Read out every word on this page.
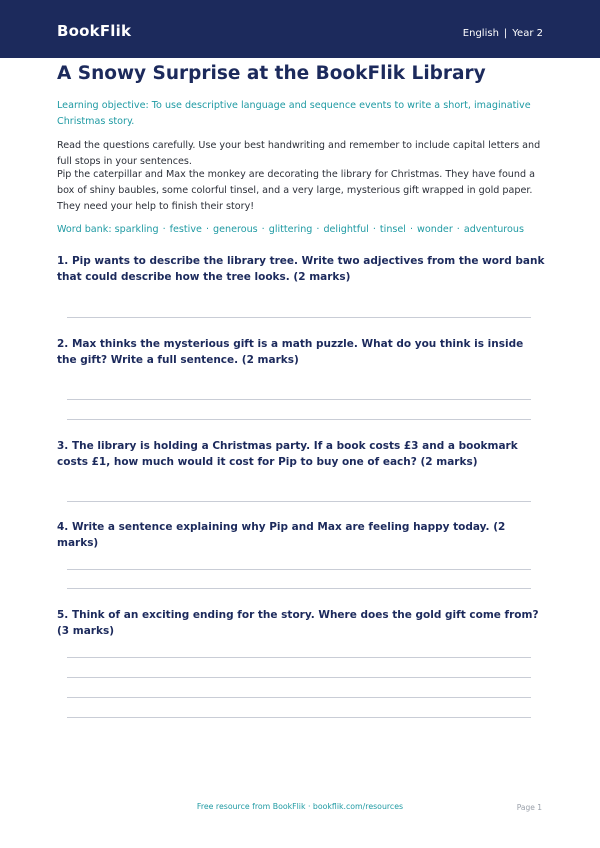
BookFlik	English | Year 2
A Snowy Surprise at the BookFlik Library

Learning objective: To use descriptive language and sequence events to write a short, imaginative Christmas story.

Read the questions carefully. Use your best handwriting and remember to include capital letters and full stops in your sentences.

Pip the caterpillar and Max the monkey are decorating the library for Christmas. They have found a box of shiny baubles, some colorful tinsel, and a very large, mysterious gift wrapped in gold paper. They need your help to finish their story!

Word bank: sparkling · festive · generous · glittering · delightful · tinsel · wonder · adventurous

1. Pip wants to describe the library tree. Write two adjectives from the word bank that could describe how the tree looks. (2 marks)

2. Max thinks the mysterious gift is a math puzzle. What do you think is inside the gift? Write a full sentence. (2 marks)

3. The library is holding a Christmas party. If a book costs £3 and a bookmark costs £1, how much would it cost for Pip to buy one of each? (2 marks)

4. Write a sentence explaining why Pip and Max are feeling happy today. (2 marks)

5. Think of an exciting ending for the story. Where does the gold gift come from? (3 marks)

Free resource from BookFlik · bookflik.com/resources	Page 1
